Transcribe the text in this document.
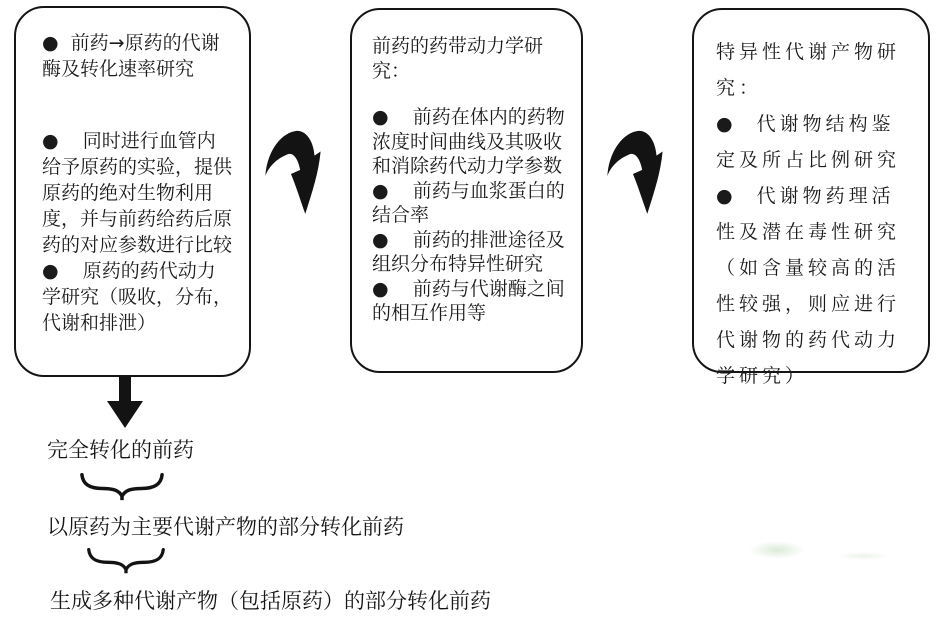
●  前药→原药的代谢酶及转化速率研究

●    同时进行血管内给予原药的实验，提供原药的绝对生物利用度，并与前药给药后原药的对应参数进行比较

●    原药的药代动力学研究（吸收，分布，代谢和排泄）

前药的药带动力学研究：

●    前药在体内的药物浓度时间曲线及其吸收和消除药代动力学参数

●    前药与血浆蛋白的结合率

●    前药的排泄途径及组织分布特异性研究

●    前药与代谢酶之间的相互作用等

特异性代谢产物研究：

●  代谢物结构鉴定及所占比例研究

●  代谢物药理活性及潜在毒性研究（如含量较高的活性较强，则应进行代谢物的药代动力学研究）

完全转化的前药
以原药为主要代谢产物的部分转化前药
生成多种代谢产物（包括原药）的部分转化前药
